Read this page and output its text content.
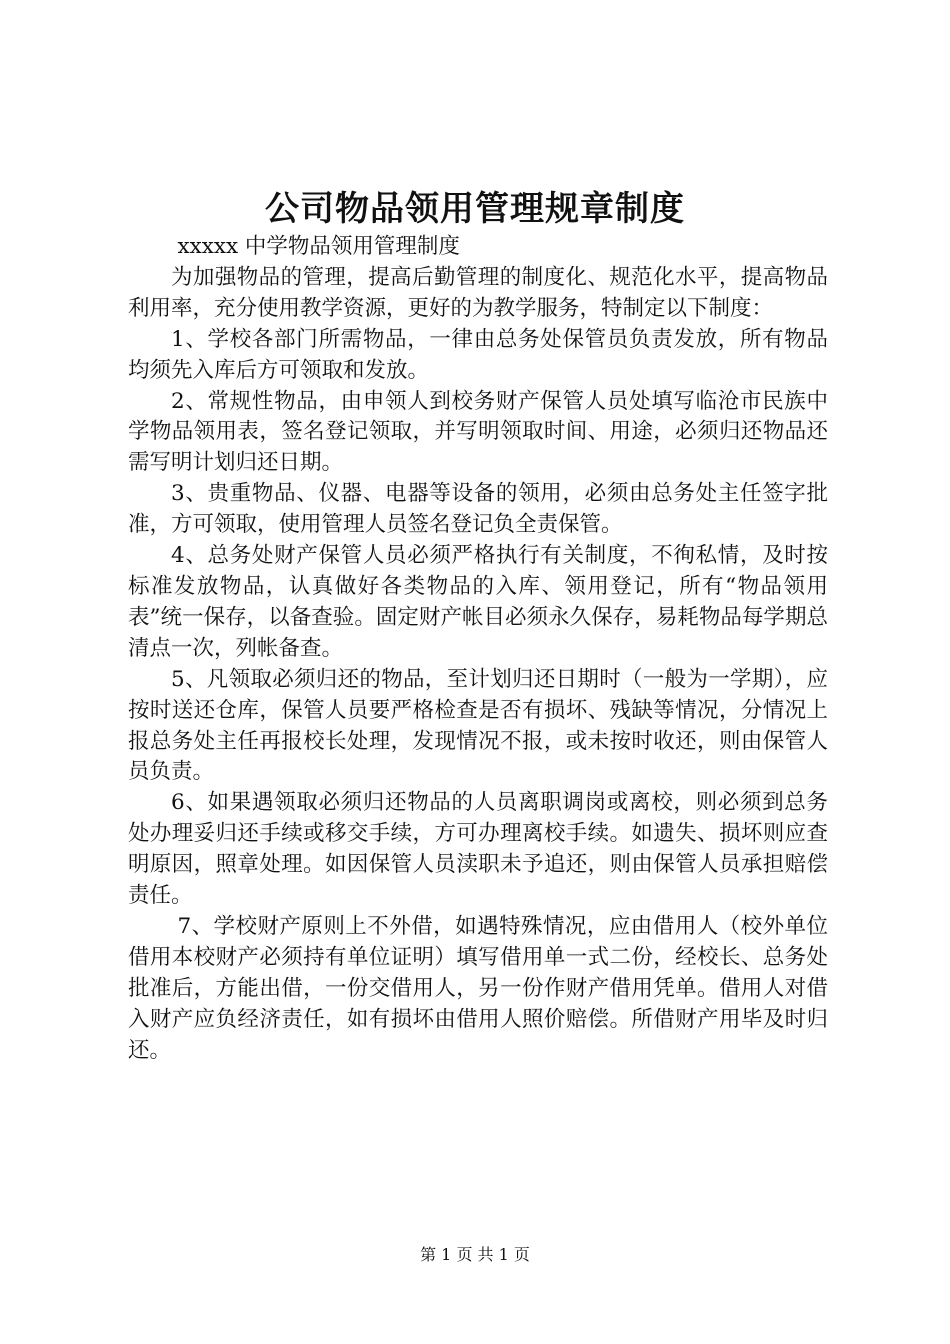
公司物品领用管理规章制度

xxxxx 中学物品领用管理制度

为加强物品的管理，提高后勤管理的制度化、规范化水平，提高物品利用率，充分使用教学资源，更好的为教学服务，特制定以下制度：

1、学校各部门所需物品，一律由总务处保管员负责发放，所有物品均须先入库后方可领取和发放。

2、常规性物品，由申领人到校务财产保管人员处填写临沧市民族中学物品领用表，签名登记领取，并写明领取时间、用途，必须归还物品还需写明计划归还日期。

3、贵重物品、仪器、电器等设备的领用，必须由总务处主任签字批准，方可领取，使用管理人员签名登记负全责保管。

4、总务处财产保管人员必须严格执行有关制度，不徇私情，及时按标准发放物品，认真做好各类物品的入库、领用登记，所有“物品领用表”统一保存，以备查验。固定财产帐目必须永久保存，易耗物品每学期总清点一次，列帐备查。

5、凡领取必须归还的物品，至计划归还日期时（一般为一学期），应按时送还仓库，保管人员要严格检查是否有损坏、残缺等情况，分情况上报总务处主任再报校长处理，发现情况不报，或未按时收还，则由保管人员负责。

6、如果遇领取必须归还物品的人员离职调岗或离校，则必须到总务处办理妥归还手续或移交手续，方可办理离校手续。如遗失、损坏则应查明原因，照章处理。如因保管人员渎职未予追还，则由保管人员承担赔偿责任。

7、学校财产原则上不外借，如遇特殊情况，应由借用人（校外单位借用本校财产必须持有单位证明）填写借用单一式二份，经校长、总务处批准后，方能出借，一份交借用人，另一份作财产借用凭单。借用人对借入财产应负经济责任，如有损坏由借用人照价赔偿。所借财产用毕及时归还。

第 1 页 共 1 页
